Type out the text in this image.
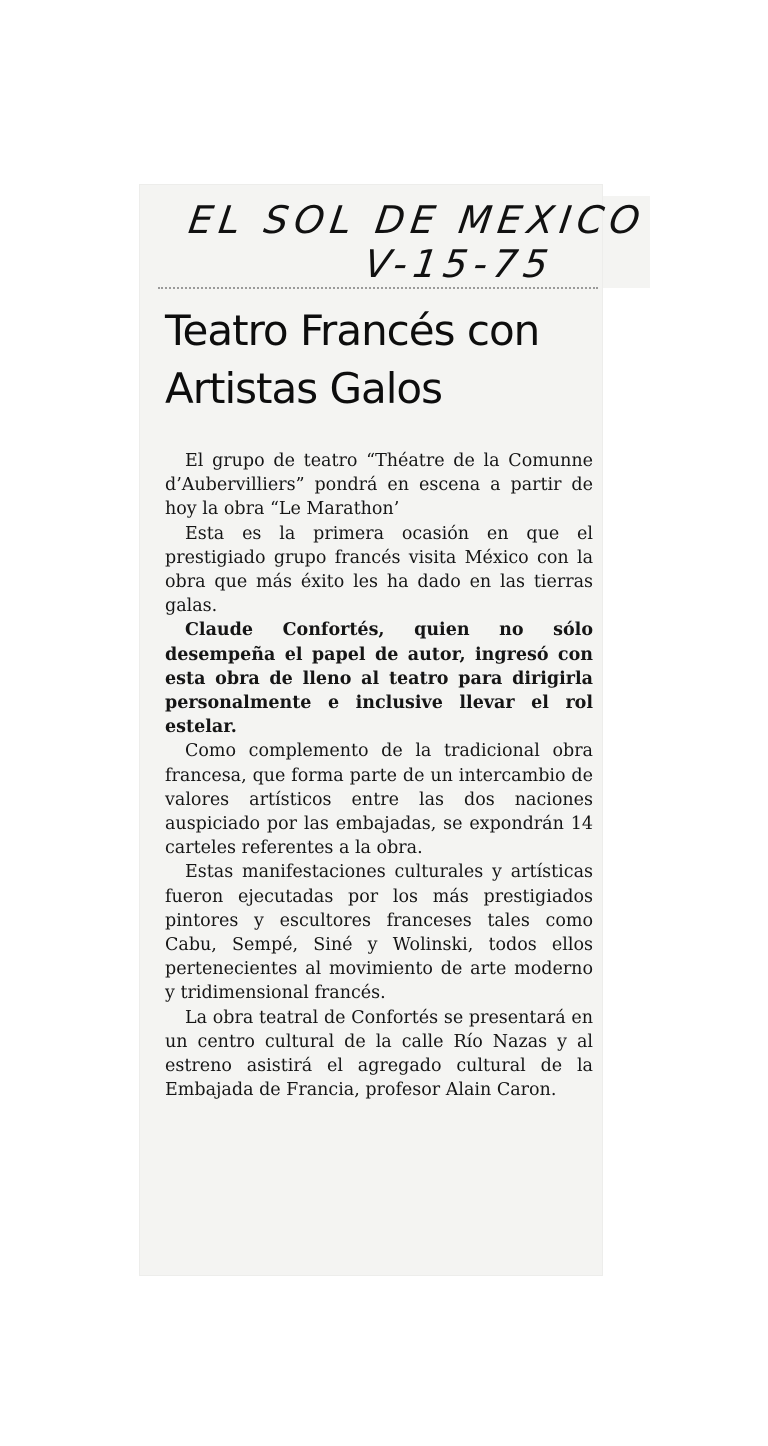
EL SOL DE MEXICO
V-15-75
Teatro Francés con Artistas Galos

El grupo de teatro “Théatre de la Comunne d’Aubervilliers” pondrá en escena a partir de hoy la obra “Le Marathon’

Esta es la primera ocasión en que el prestigiado grupo francés visita México con la obra que más éxito les ha dado en las tierras galas.

Claude Confortés, quien no sólo desempeña el papel de autor, ingresó con esta obra de lleno al teatro para dirigirla personalmente e inclusive llevar el rol estelar.

Como complemento de la tradicional obra francesa, que forma parte de un intercambio de valores artísticos entre las dos naciones auspiciado por las embajadas, se expondrán 14 carteles referentes a la obra.

Estas manifestaciones culturales y artísticas fueron ejecutadas por los más prestigiados pintores y escultores franceses tales como Cabu, Sempé, Siné y Wolinski, todos ellos pertenecientes al movimiento de arte moderno y tridimensional francés.

La obra teatral de Confortés se presentará en un centro cultural de la calle Río Nazas y al estreno asistirá el agregado cultural de la Embajada de Francia, profesor Alain Caron.
